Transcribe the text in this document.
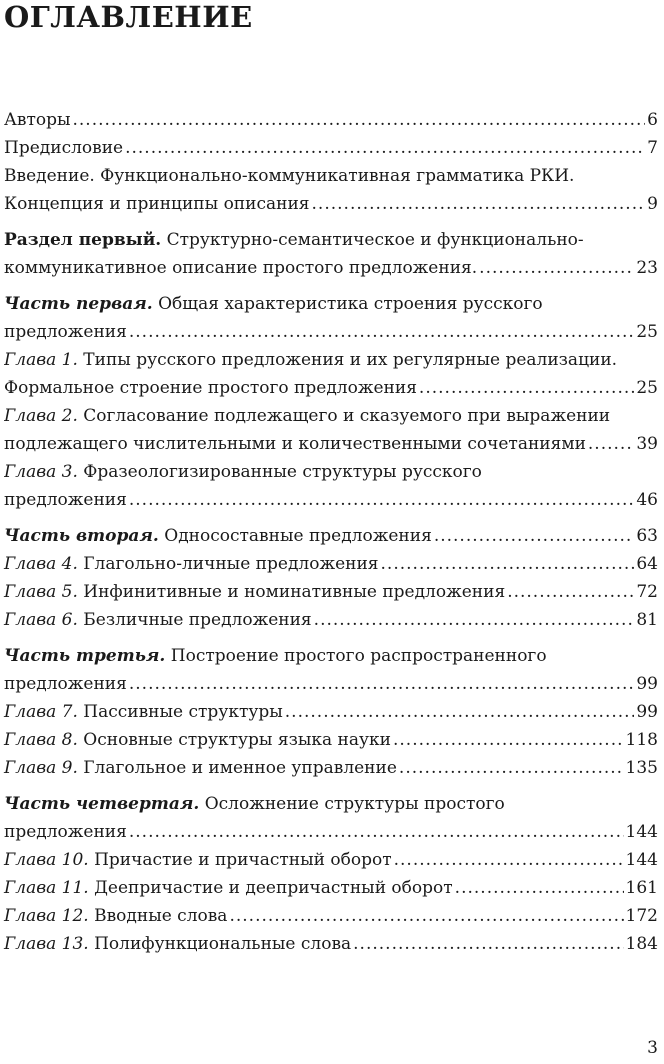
ОГЛАВЛЕНИЕ
Авторы .....	6
Предисловие .....	7
Введение. Функционально-коммуникативная грамматика РКИ.
Концепция и принципы описания .....	9
Раздел первый. Структурно-семантическое и функционально-
коммуникативное описание простого предложения. .....	23
Часть первая. Общая характеристика строения русского
предложения .....	25
Глава 1. Типы русского предложения и их регулярные реализации.
Формальное строение простого предложения .....	25
Глава 2. Согласование подлежащего и сказуемого при выражении
подлежащего числительными и количественными сочетаниями .....	39
Глава 3. Фразеологизированные структуры русского
предложения .....	46
Часть вторая. Односоставные предложения .....	63
Глава 4. Глагольно-личные предложения .....	64
Глава 5. Инфинитивные и номинативные предложения .....	72
Глава 6. Безличные предложения .....	81
Часть третья. Построение простого распространенного
предложения .....	99
Глава 7. Пассивные структуры .....	99
Глава 8. Основные структуры языка науки .....	118
Глава 9. Глагольное и именное управление .....	135
Часть четвертая. Осложнение структуры простого
предложения .....	144
Глава 10. Причастие и причастный оборот .....	144
Глава 11. Деепричастие и деепричастный оборот .....	161
Глава 12. Вводные слова .....	172
Глава 13. Полифункциональные слова .....	184
3
